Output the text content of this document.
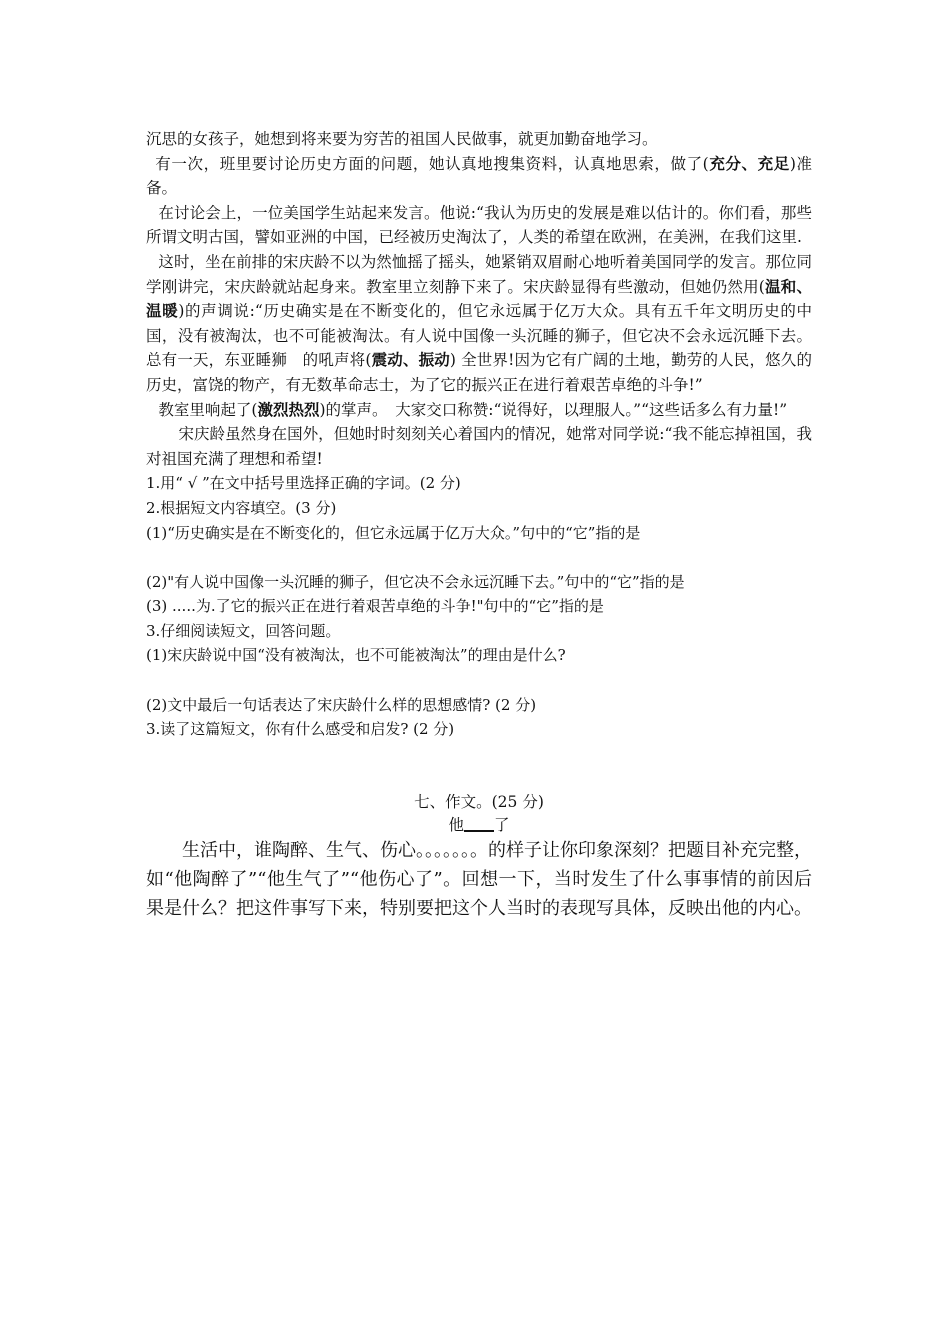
沉思的女孩子，她想到将来要为穷苦的祖国人民做事，就更加勤奋地学习。

有一次，班里要讨论历史方面的问题，她认真地搜集资料，认真地思索，做了(充分、充足)准备。

在讨论会上，一位美国学生站起来发言。他说:“我认为历史的发展是难以估计的。你们看，那些所谓文明古国，譬如亚洲的中国，已经被历史淘汰了，人类的希望在欧洲，在美洲，在我们这里.

这时，坐在前排的宋庆龄不以为然恤摇了摇头，她紧销双眉耐心地听着美国同学的发言。那位同学刚讲完，宋庆龄就站起身来。教室里立刻静下来了。宋庆龄显得有些激动，但她仍然用(温和、温暖)的声调说:“历史确实是在不断变化的，但它永远属于亿万大众。具有五千年文明历史的中国，没有被淘汰，也不可能被淘汰。有人说中国像一头沉睡的狮子，但它决不会永远沉睡下去。总有一天，东亚睡狮　的吼声将(震动、振动) 全世界!因为它有广阔的土地，勤劳的人民，悠久的历史，富饶的物产，有无数革命志士，为了它的振兴正在进行着艰苦卓绝的斗争!”

教室里响起了(激烈热烈)的掌声。　大家交口称赞:“说得好，以理服人。”“这些话多么有力量!”

宋庆龄虽然身在国外，但她时时刻刻关心着国内的情况，她常对同学说:“我不能忘掉祖国，我对祖国充满了理想和希望!

1.用“ √ ”在文中括号里选择正确的字词。(2 分)

2.根据短文内容填空。(3 分)

(1)“历史确实是在不断变化的，但它永远属于亿万大众。”句中的“它”指的是

(2)"有人说中国像一头沉睡的狮子，但它决不会永远沉睡下去。”句中的“它”指的是

(3) .....为.了它的振兴正在进行着艰苦卓绝的斗争!"句中的“它”指的是

3.仔细阅读短文，回答问题。

(1)宋庆龄说中国“没有被淘汰，也不可能被淘汰”的理由是什么?

(2)文中最后一句话表达了宋庆龄什么样的思想感情? (2 分)

3.读了这篇短文，你有什么感受和启发? (2 分)

七、作文。(25 分)
他 了

生活中，谁陶醉、生气、伤心。。。。。。。的样子让你印象深刻？把题目补充完整，如“他陶醉了”“他生气了”“他伤心了”。回想一下，当时发生了什么事事情的前因后果是什么？把这件事写下来，特别要把这个人当时的表现写具体，反映出他的内心。
